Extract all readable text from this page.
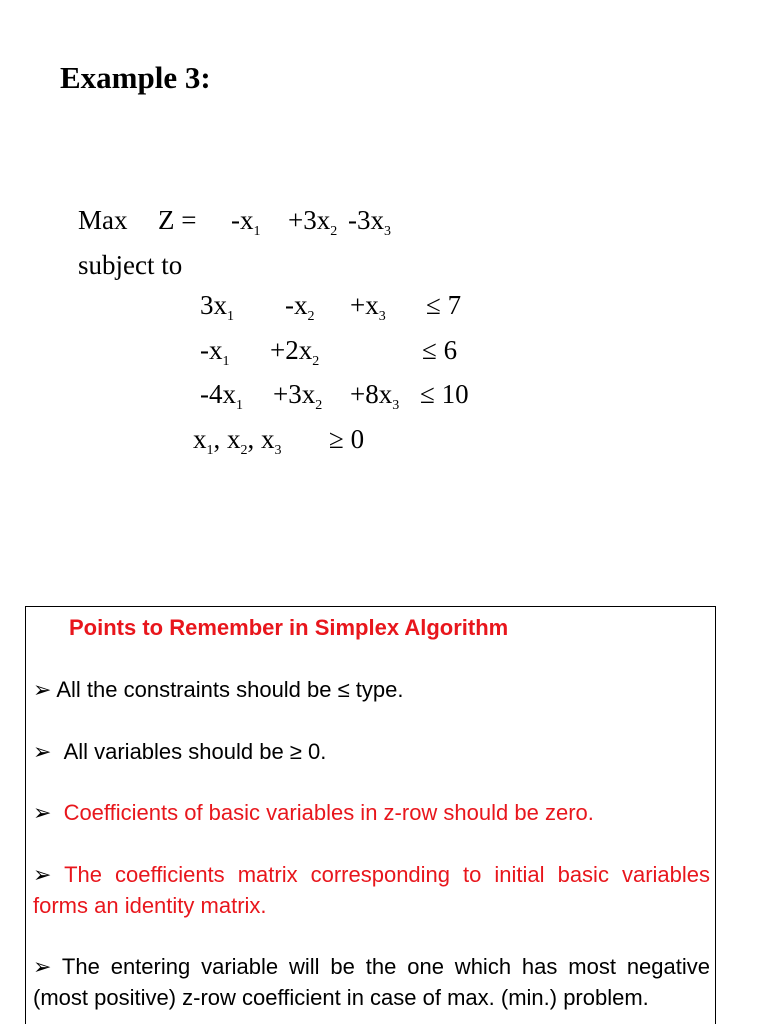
Example 3:
Max $Z = -x_1 +3x_2$ $-3x_3$
subject to
$3x_1$ $-x_2 +x_3 \le 7$
$-x_1 +2x_2$	≤ 6
$-4x_1 +3x_2 +8x_3 \le 10$
$x_1$, $x_2$, $x_3 \ge 0$
Points to Remember in Simplex Algorithm
➢ All the constraints should be ≤ type.
➢ All variables should be ≥ 0.
➢ Coefficients of basic variables in z-row should be zero.
➢ The coefficients matrix corresponding to initial basic variables forms an identity matrix.
➢ The entering variable will be the one which has most negative (most positive) z-row coefficient in case of max. (min.) problem.
